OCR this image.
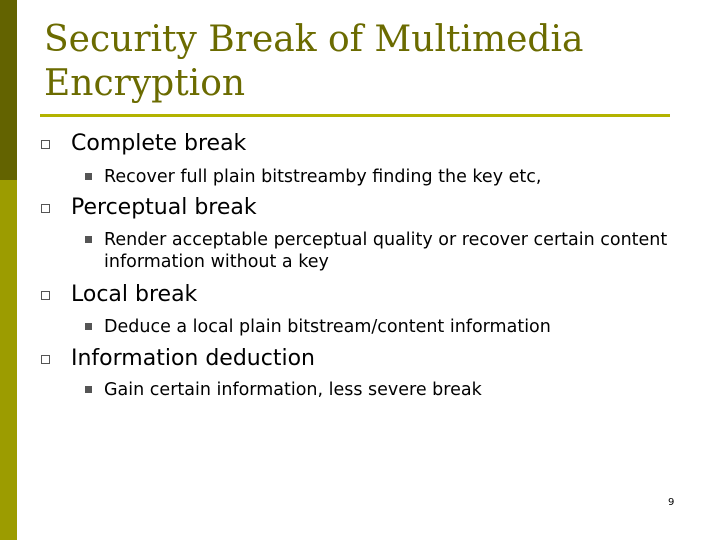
Security Break of Multimedia Encryption
Complete break
Recover full plain bitstreamby finding the key etc,
Perceptual break
Render acceptable perceptual quality or recover certain content information without a key
Local break
Deduce a local plain bitstream/content information
Information deduction
Gain certain information, less severe break
9
